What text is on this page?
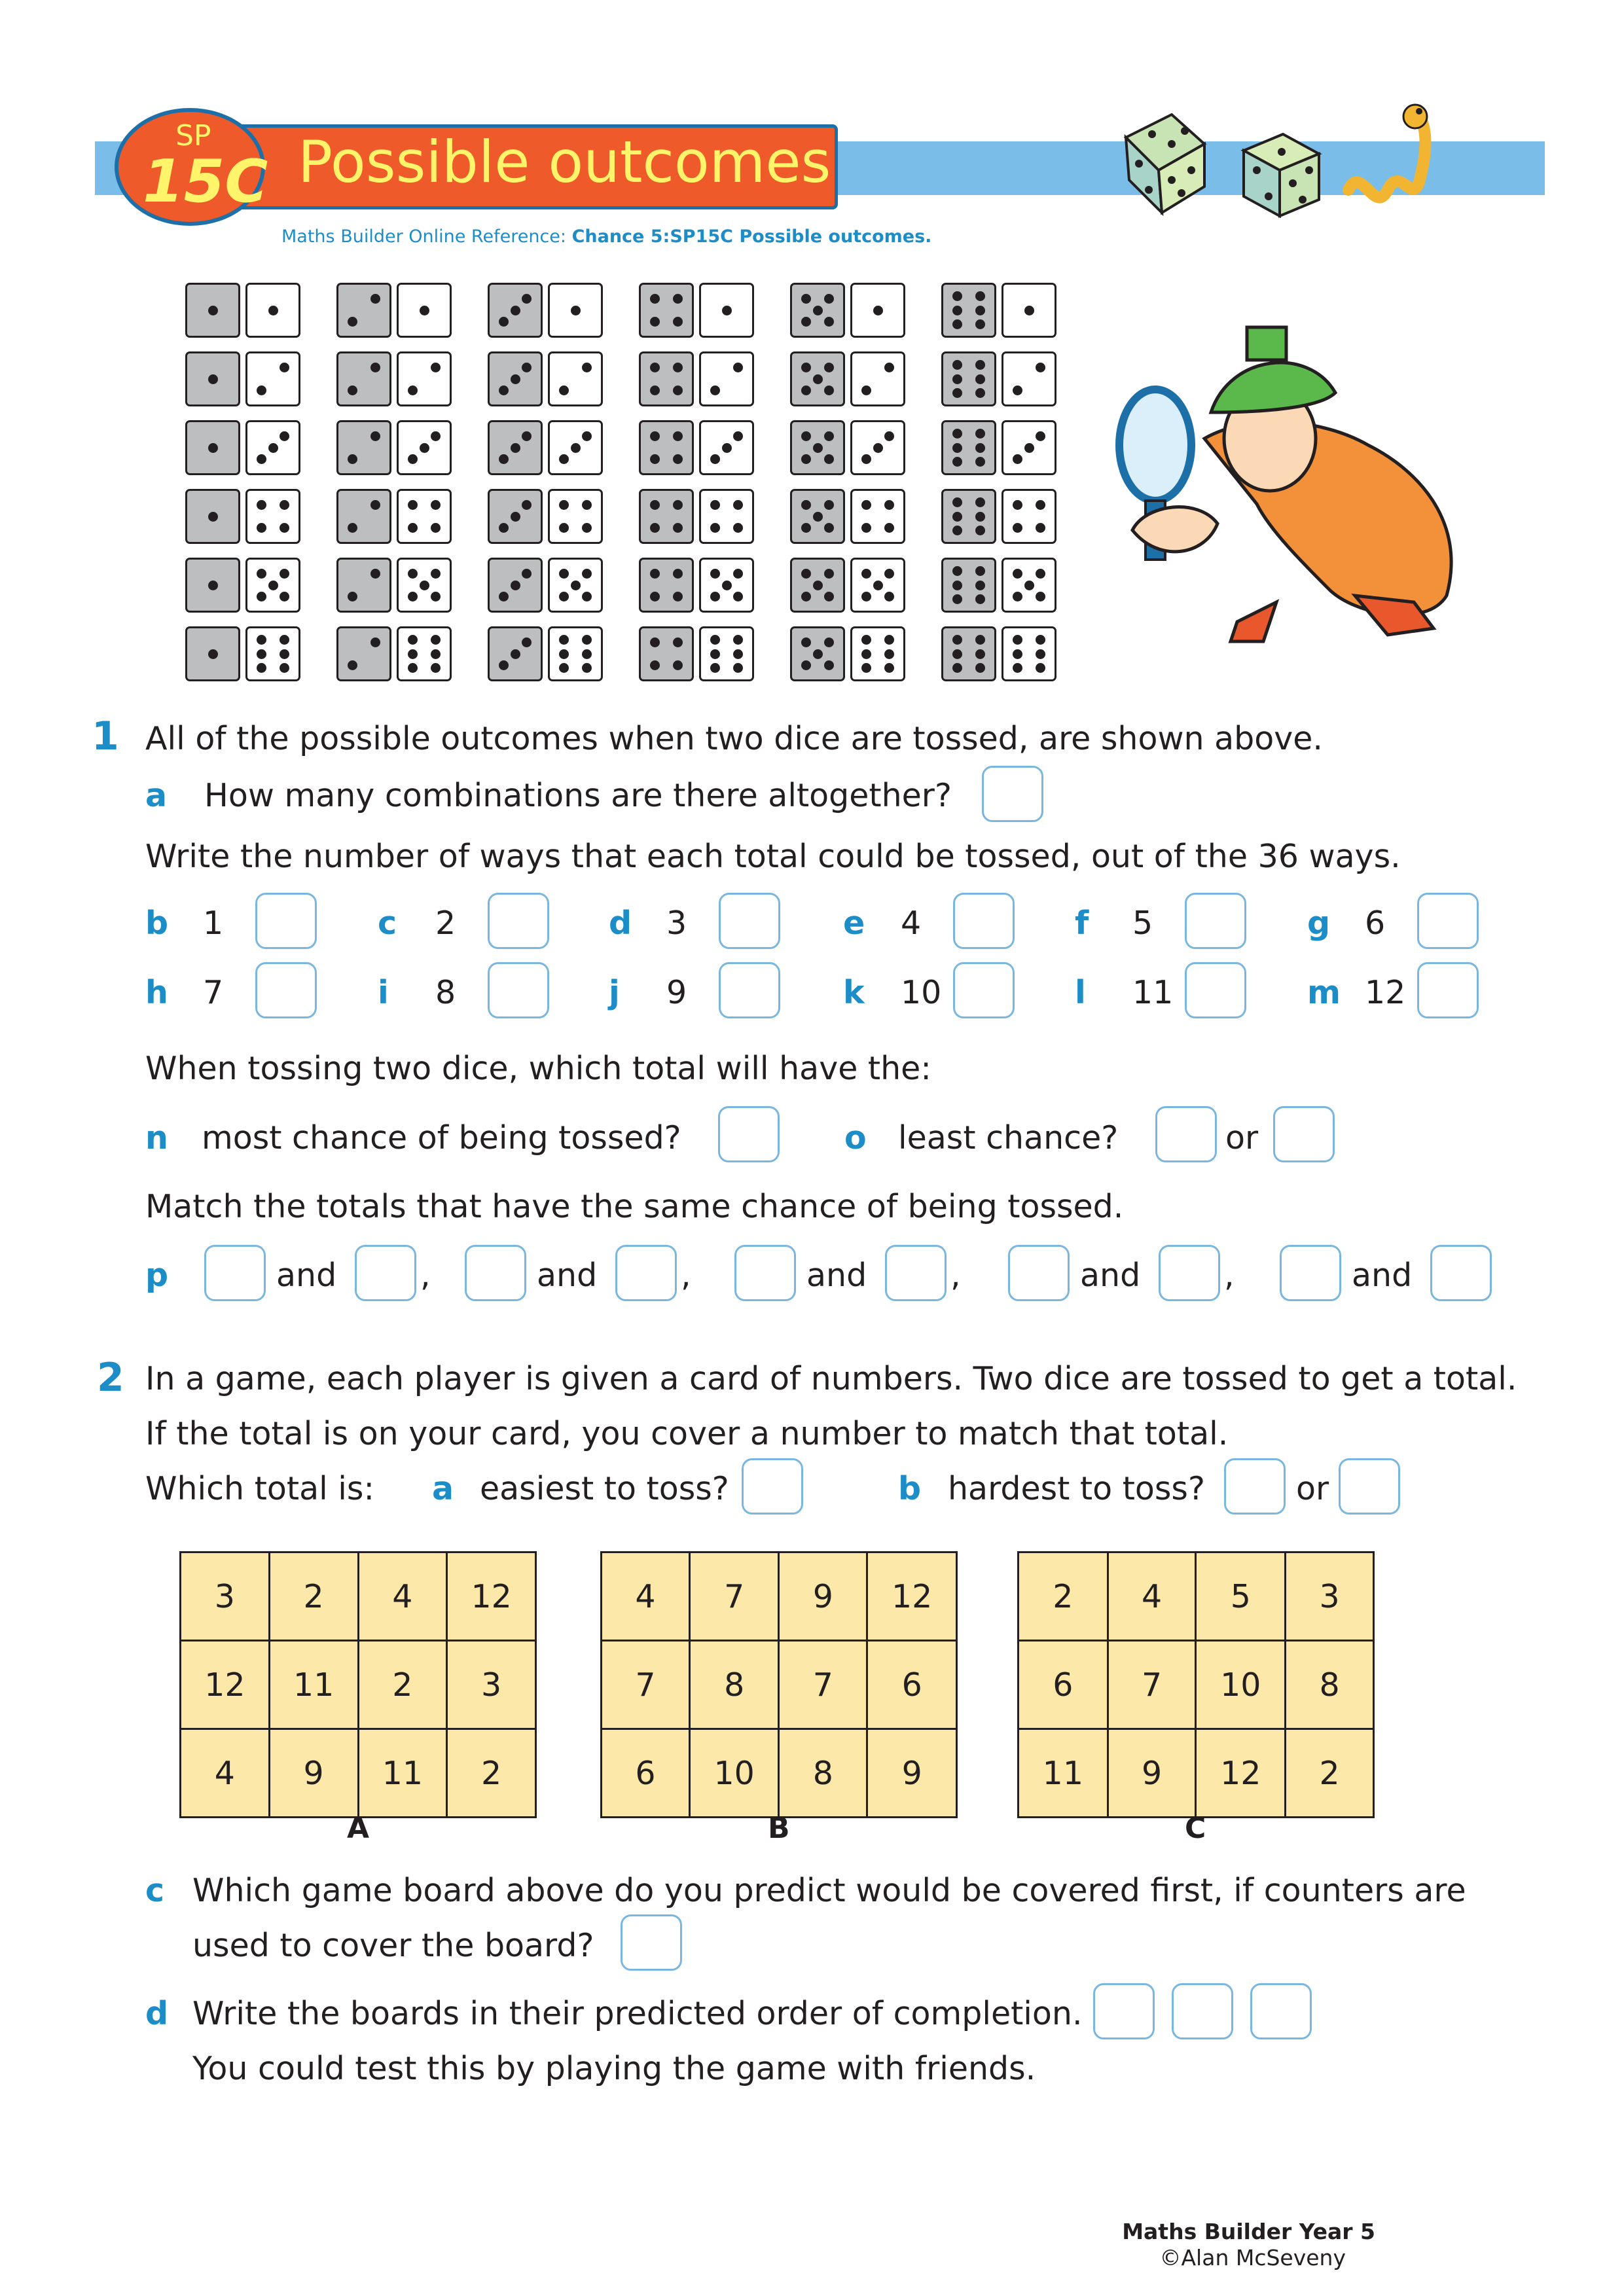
Possible outcomes
SP
15C
Maths Builder Online Reference: Chance 5:SP15C Possible outcomes.
1 All of the possible outcomes when two dice are tossed, are shown above.
a How many combinations are there altogether?
Write the number of ways that each total could be tossed, out of the 36 ways.
b 1	c 2	d 3	e 4	f 5	g 6
h 7	i 8	j 9	k 10	l 11	m 12
When tossing two dice, which total will have the:
n most chance of being tossed?	o least chance?	or
Match the totals that have the same chance of being tossed.
p	and	,	and	,	and	,	and	,	and
2 In a game, each player is given a card of numbers. Two dice are tossed to get a total.
If the total is on your card, you cover a number to match that total.
Which total is: a easiest to toss?	b hardest to toss?	or
3	2	4	12
12	11	2	3
4	9	11	2
A
4	7	9	12
7	8	7	6
6	10	8	9
B
2	4	5	3
6	7	10	8
11	9	12	2
C
c Which game board above do you predict would be covered first, if counters are
used to cover the board?
d Write the boards in their predicted order of completion.
You could test this by playing the game with friends.
Maths Builder Year 5
©Alan McSeveny
